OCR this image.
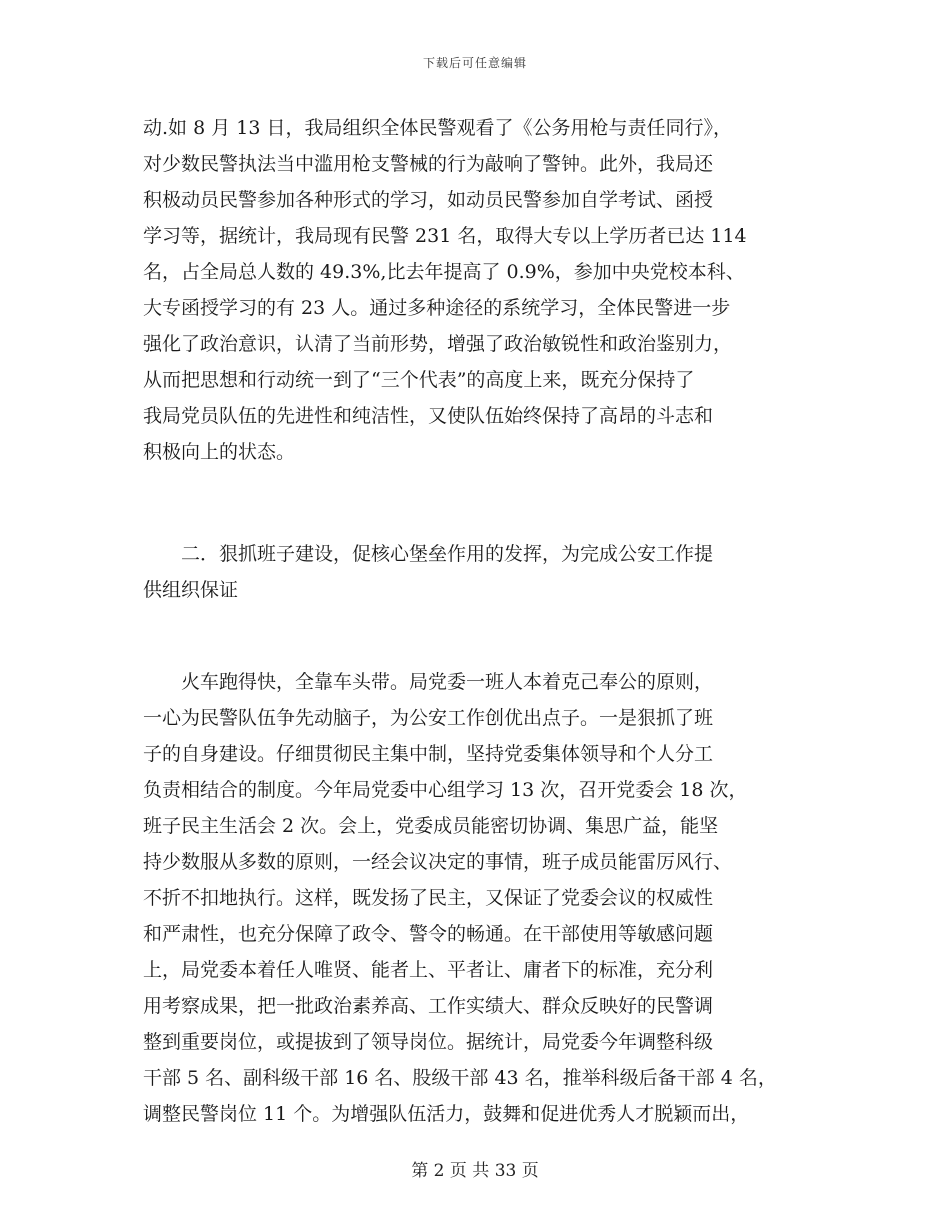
下载后可任意编辑
动.如 8 月 13 日，我局组织全体民警观看了《公务用枪与责任同行》，
对少数民警执法当中滥用枪支警械的行为敲响了警钟。此外，我局还
积极动员民警参加各种形式的学习，如动员民警参加自学考试、函授
学习等，据统计，我局现有民警 231 名，取得大专以上学历者已达 114
名，占全局总人数的 49.3%,比去年提高了 0.9%，参加中央党校本科、
大专函授学习的有 23 人。通过多种途径的系统学习，全体民警进一步
强化了政治意识，认清了当前形势，增强了政治敏锐性和政治鉴别力，
从而把思想和行动统一到了“三个代表”的高度上来，既充分保持了
我局党员队伍的先进性和纯洁性，又使队伍始终保持了高昂的斗志和
积极向上的状态。
二．狠抓班子建设，促核心堡垒作用的发挥，为完成公安工作提
供组织保证
火车跑得快，全靠车头带。局党委一班人本着克己奉公的原则，
一心为民警队伍争先动脑子，为公安工作创优出点子。一是狠抓了班
子的自身建设。仔细贯彻民主集中制，坚持党委集体领导和个人分工
负责相结合的制度。今年局党委中心组学习 13 次，召开党委会 18 次，
班子民主生活会 2 次。会上，党委成员能密切协调、集思广益，能坚
持少数服从多数的原则，一经会议决定的事情，班子成员能雷厉风行、
不折不扣地执行。这样，既发扬了民主，又保证了党委会议的权威性
和严肃性，也充分保障了政令、警令的畅通。在干部使用等敏感问题
上，局党委本着任人唯贤、能者上、平者让、庸者下的标准，充分利
用考察成果，把一批政治素养高、工作实绩大、群众反映好的民警调
整到重要岗位，或提拔到了领导岗位。据统计，局党委今年调整科级
干部 5 名、副科级干部 16 名、股级干部 43 名，推举科级后备干部 4 名，
调整民警岗位 11 个。为增强队伍活力，鼓舞和促进优秀人才脱颖而出，
第 2 页 共 33 页
